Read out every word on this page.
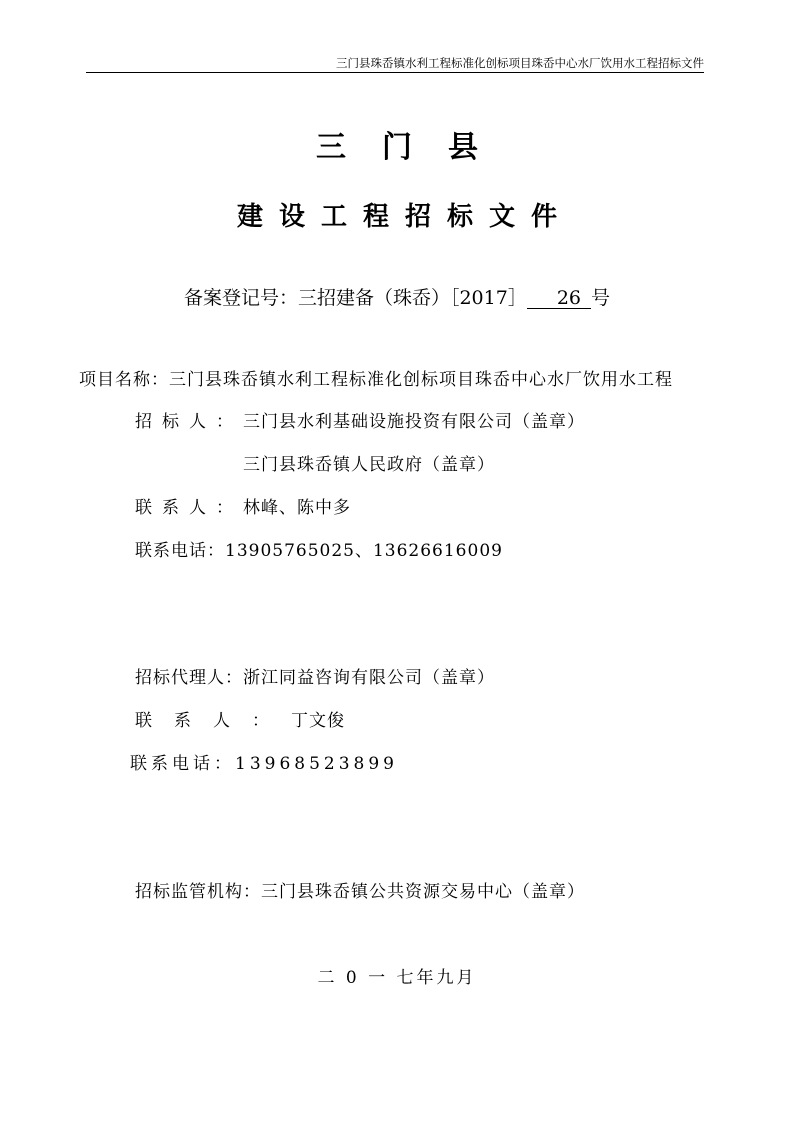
三门县珠岙镇水利工程标准化创标项目珠岙中心水厂饮用水工程招标文件
三门县
建设工程招标文件
备案登记号：三招建备（珠岙）［2017］ 26 号
项目名称：三门县珠岙镇水利工程标准化创标项目珠岙中心水厂饮用水工程
招标人：三门县水利基础设施投资有限公司（盖章）
三门县珠岙镇人民政府（盖章）
联系人：林峰、陈中多
联系电话：13905765025、13626616009
招标代理人：浙江同益咨询有限公司（盖章）
联系人：丁文俊
联系电话：13968523899
招标监管机构：三门县珠岙镇公共资源交易中心（盖章）
二 0 一 七年九月
